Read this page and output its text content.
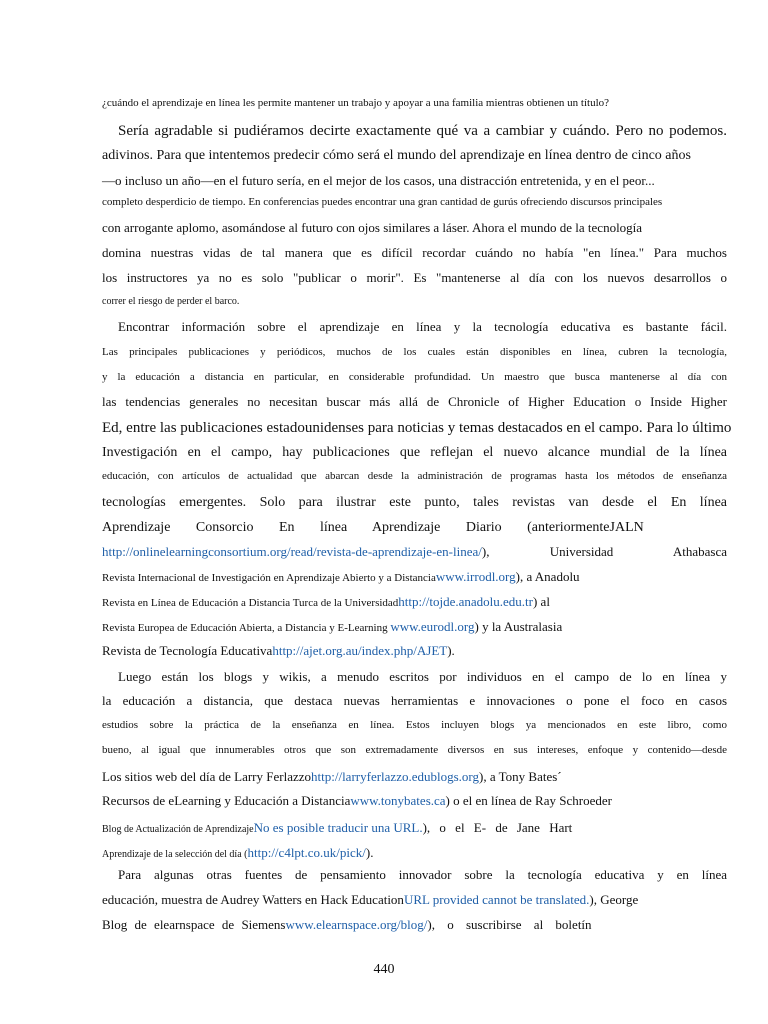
¿cuándo el aprendizaje en línea les permite mantener un trabajo y apoyar a una familia mientras obtienen un título?
Sería agradable si pudiéramos decirte exactamente qué va a cambiar y cuándo. Pero no podemos.
adivinos. Para que intentemos predecir cómo será el mundo del aprendizaje en línea dentro de cinco años
—o incluso un año—en el futuro sería, en el mejor de los casos, una distracción entretenida, y en el peor...
completo desperdicio de tiempo. En conferencias puedes encontrar una gran cantidad de gurús ofreciendo discursos principales
con arrogante aplomo, asomándose al futuro con ojos similares a láser. Ahora el mundo de la tecnología
domina nuestras vidas de tal manera que es difícil recordar cuándo no había "en línea." Para muchos
los instructores ya no es solo "publicar o morir". Es "mantenerse al día con los nuevos desarrollos o
correr el riesgo de perder el barco.
Encontrar información sobre el aprendizaje en línea y la tecnología educativa es bastante fácil.
Las principales publicaciones y periódicos, muchos de los cuales están disponibles en línea, cubren la tecnología,
y la educación a distancia en particular, en considerable profundidad. Un maestro que busca mantenerse al día con
las tendencias generales no necesitan buscar más allá de Chronicle of Higher Education o Inside Higher
Ed, entre las publicaciones estadounidenses para noticias y temas destacados en el campo. Para lo último
Investigación en el campo, hay publicaciones que reflejan el nuevo alcance mundial de la línea
educación, con artículos de actualidad que abarcan desde la administración de programas hasta los métodos de enseñanza
tecnologías emergentes. Solo para ilustrar este punto, tales revistas van desde el En línea
Aprendizaje Consorcio En línea Aprendizaje Diario (anteriormenteJALN
http://onlinelearningconsortium.org/read/revista-de-aprendizaje-en-linea/), Universidad Athabasca
Revista Internacional de Investigación en Aprendizaje Abierto y a Distanciawww.irrodl.org), a Anadolu
Revista en Línea de Educación a Distancia Turca de la Universidadhttp://tojde.anadolu.edu.tr) al
Revista Europea de Educación Abierta, a Distancia y E-Learning www.eurodl.org) y la Australasia
Revista de Tecnología Educativahttp://ajet.org.au/index.php/AJET).
Luego están los blogs y wikis, a menudo escritos por individuos en el campo de lo en línea y
la educación a distancia, que destaca nuevas herramientas e innovaciones o pone el foco en casos
estudios sobre la práctica de la enseñanza en línea. Estos incluyen blogs ya mencionados en este libro, como
bueno, al igual que innumerables otros que son extremadamente diversos en sus intereses, enfoque y contenido—desde
Los sitios web del día de Larry Ferlazzohttp://larryferlazzo.edublogs.org), a Tony Bates´
Recursos de eLearning y Educación a Distanciawww.tonybates.ca) o el en línea de Ray Schroeder
Blog de Actualización de AprendizajeNo es posible traducir una URL.), o el E- de Jane Hart
Aprendizaje de la selección del día (http://c4lpt.co.uk/pick/).
Para algunas otras fuentes de pensamiento innovador sobre la tecnología educativa y en línea
educación, muestra de Audrey Watters en Hack EducationURL provided cannot be translated.), George
Blog de elearnspace de Siemenswww.elearnspace.org/blog/), o suscribirse al boletín
440
